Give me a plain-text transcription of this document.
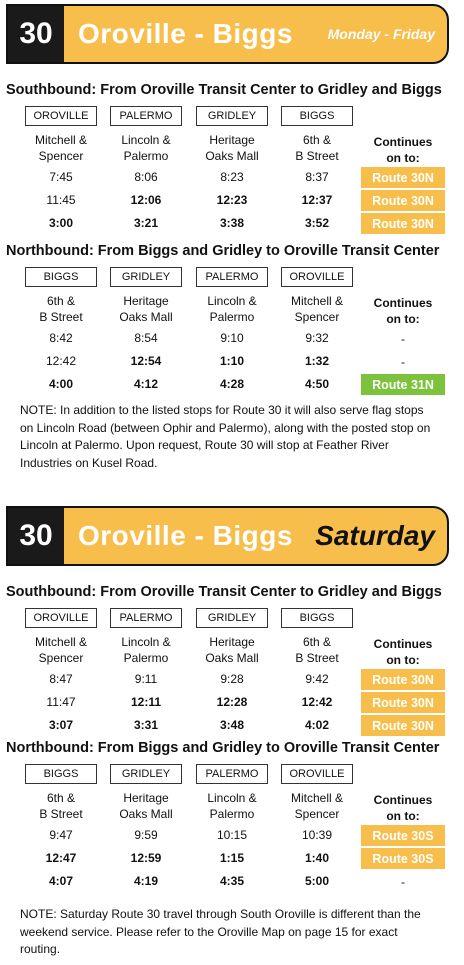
30 Oroville - Biggs Monday - Friday
Southbound: From Oroville Transit Center to Gridley and Biggs
OROVILLE
Mitchell &
Spencer
PALERMO
Lincoln &
Palermo
GRIDLEY
Heritage
Oaks Mall
BIGGS
6th &
B Street
Continues
on to:
7:45	8:06	8:23	8:37	Route 30N
11:45	12:06	12:23	12:37	Route 30N
3:00	3:21	3:38	3:52	Route 30N
Northbound: From Biggs and Gridley to Oroville Transit Center
BIGGS
6th &
B Street
GRIDLEY
Heritage
Oaks Mall
PALERMO
Lincoln &
Palermo
OROVILLE
Mitchell &
Spencer
Continues
on to:
8:42	8:54	9:10	9:32	-
12:42	12:54	1:10	1:32	-
4:00	4:12	4:28	4:50	Route 31N
NOTE: In addition to the listed stops for Route 30 it will also serve flag stops on Lincoln Road (between Ophir and Palermo), along with the posted stop on Lincoln at Palermo. Upon request, Route 30 will stop at Feather River Industries on Kusel Road.
30 Oroville - Biggs Saturday
Southbound: From Oroville Transit Center to Gridley and Biggs
OROVILLE
Mitchell &
Spencer
PALERMO
Lincoln &
Palermo
GRIDLEY
Heritage
Oaks Mall
BIGGS
6th &
B Street
Continues
on to:
8:47	9:11	9:28	9:42	Route 30N
11:47	12:11	12:28	12:42	Route 30N
3:07	3:31	3:48	4:02	Route 30N
Northbound: From Biggs and Gridley to Oroville Transit Center
BIGGS
6th &
B Street
GRIDLEY
Heritage
Oaks Mall
PALERMO
Lincoln &
Palermo
OROVILLE
Mitchell &
Spencer
Continues
on to:
9:47	9:59	10:15	10:39	Route 30S
12:47	12:59	1:15	1:40	Route 30S
4:07	4:19	4:35	5:00	-
NOTE: Saturday Route 30 travel through South Oroville is different than the weekend service. Please refer to the Oroville Map on page 15 for exact routing.
